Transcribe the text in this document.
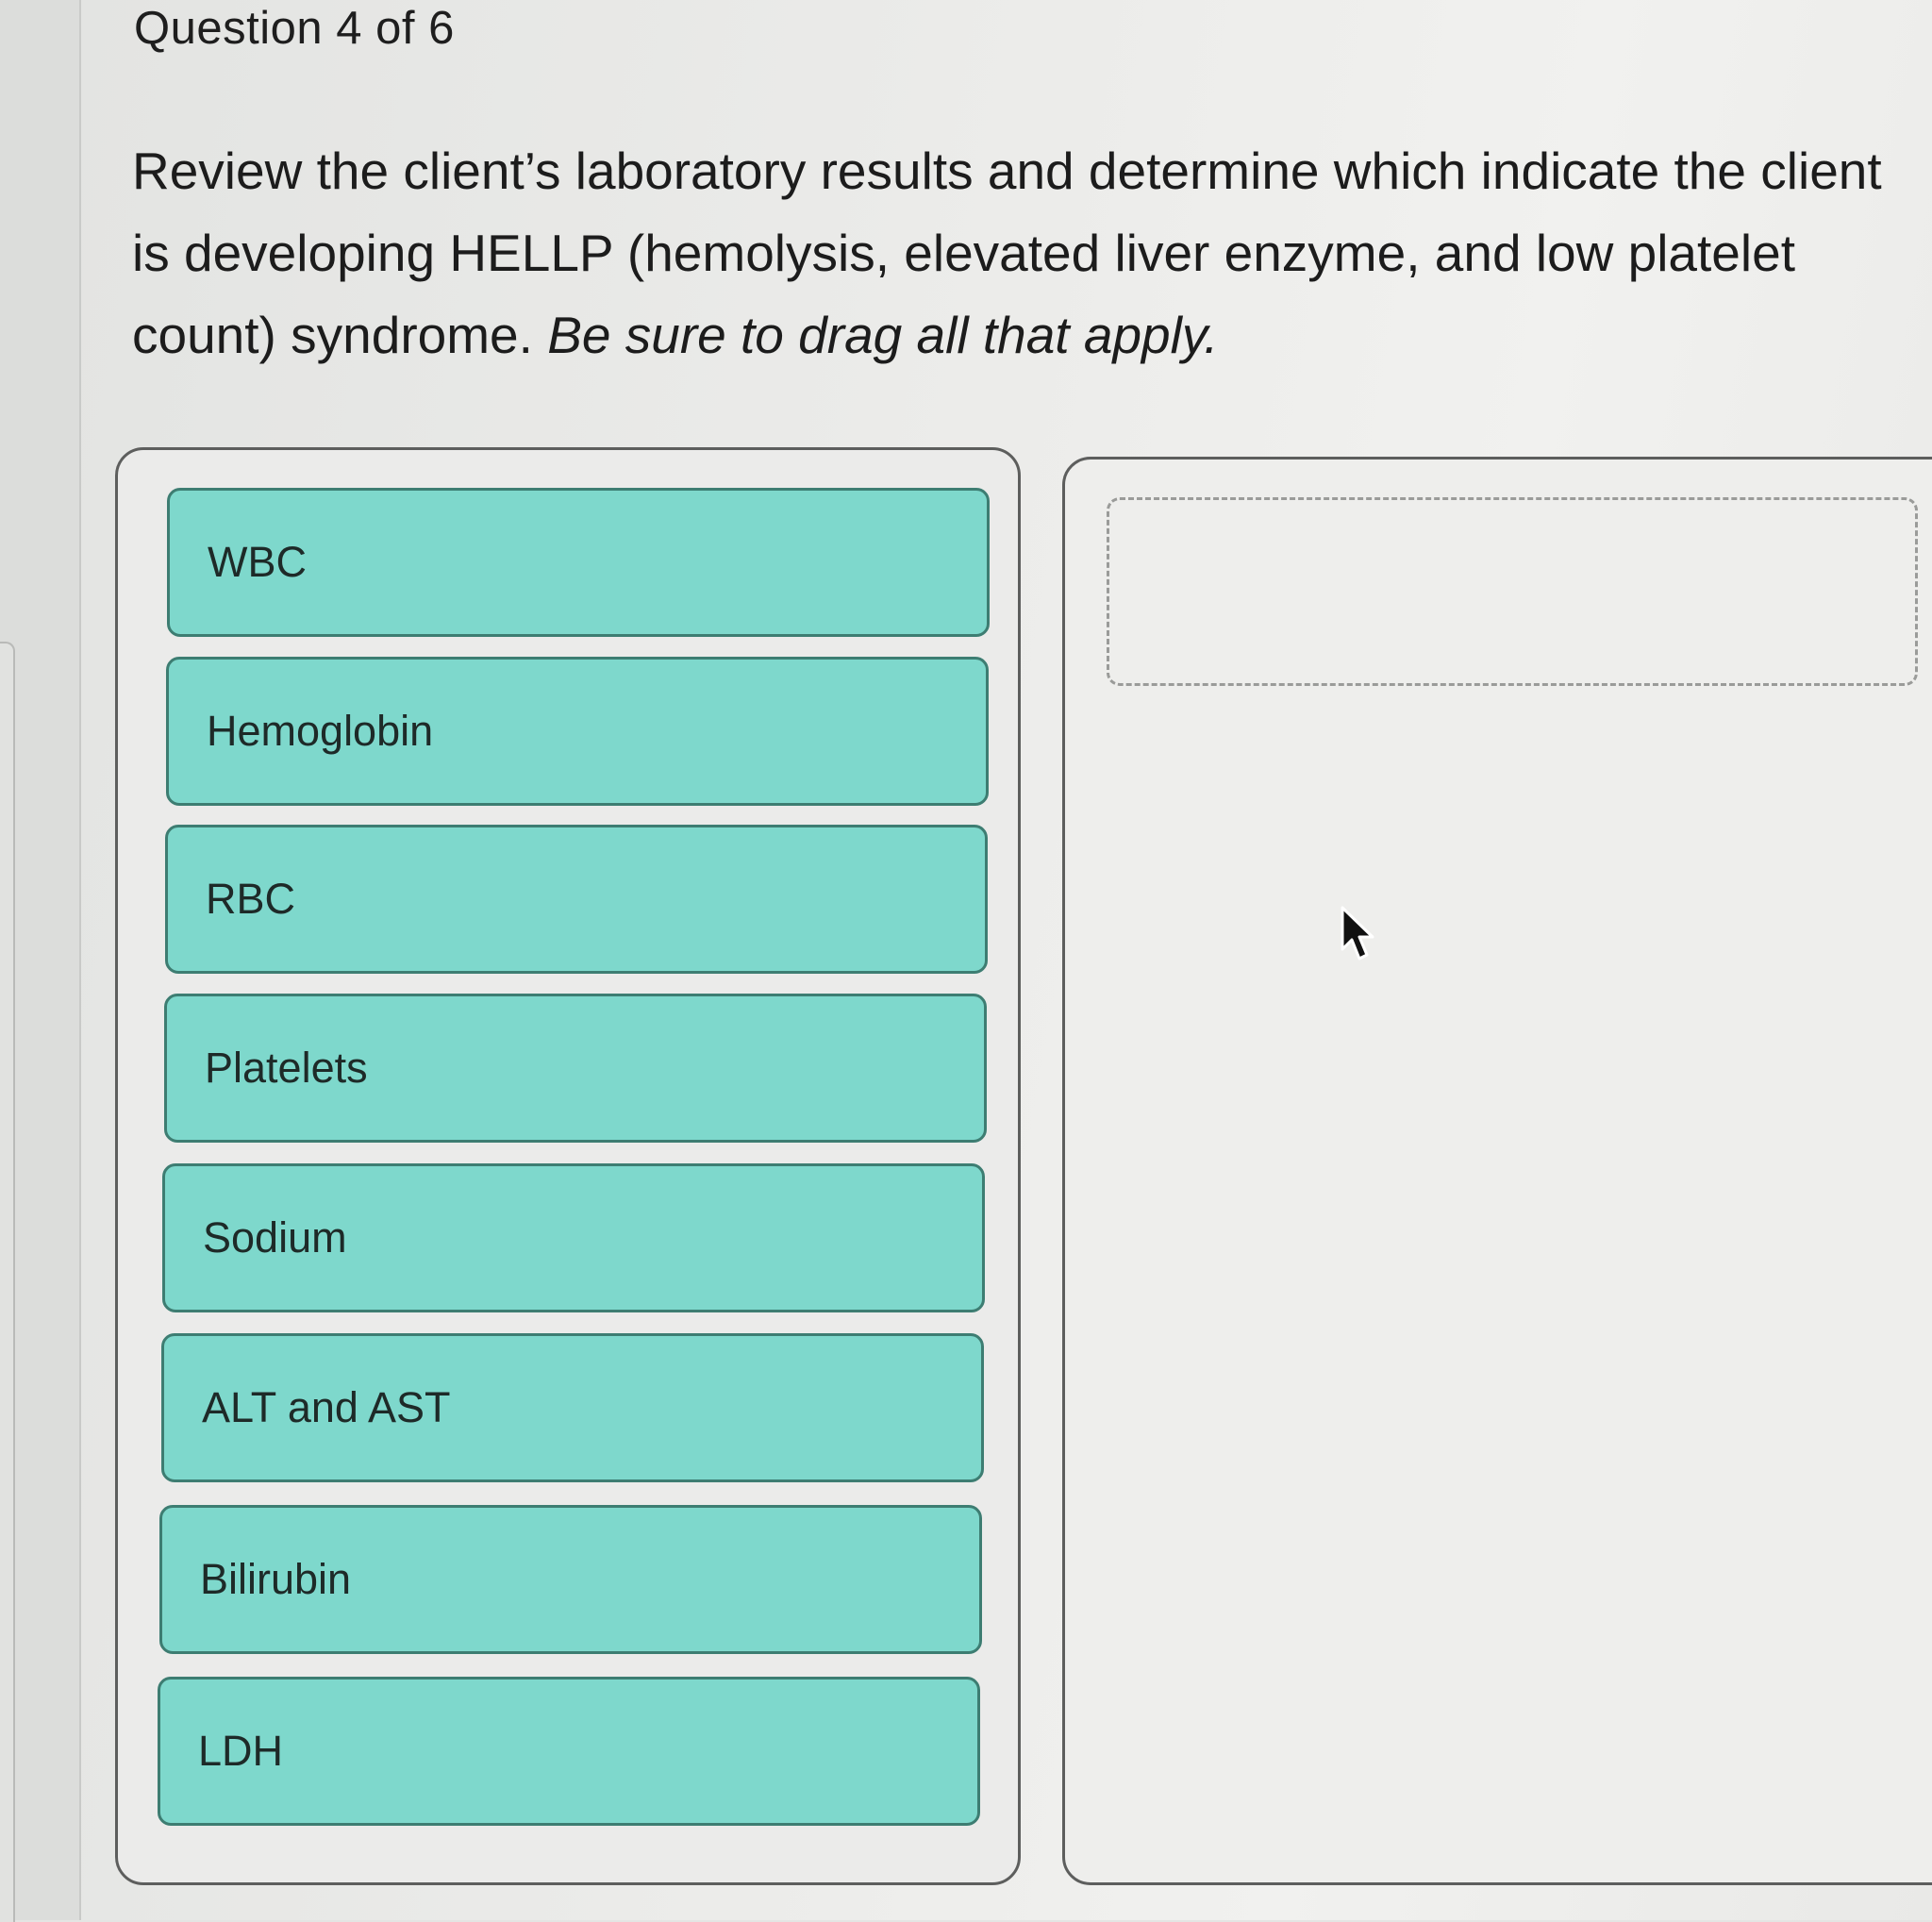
Question 4 of 6

Review the client’s laboratory results and determine which indicate the client is developing HELLP (hemolysis, elevated liver enzyme, and low platelet count) syndrome. Be sure to drag all that apply.

WBC
Hemoglobin
RBC
Platelets
Sodium
ALT and AST
Bilirubin
LDH
